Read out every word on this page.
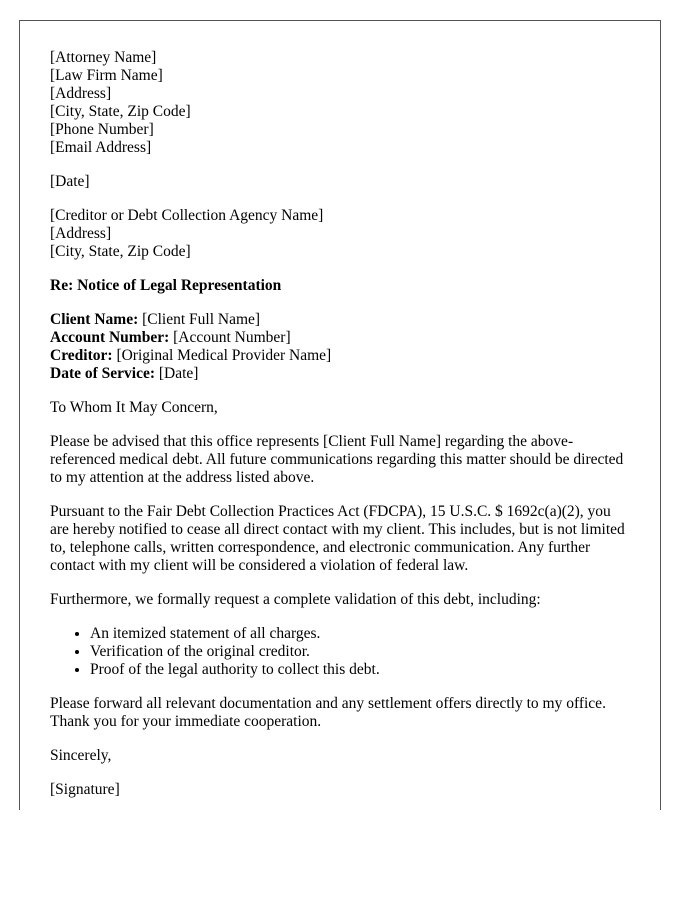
[Attorney Name]
[Law Firm Name]
[Address]
[City, State, Zip Code]
[Phone Number]
[Email Address]
[Date]
[Creditor or Debt Collection Agency Name]
[Address]
[City, State, Zip Code]
Re: Notice of Legal Representation
Client Name: [Client Full Name]
Account Number: [Account Number]
Creditor: [Original Medical Provider Name]
Date of Service: [Date]

To Whom It May Concern,

Please be advised that this office represents [Client Full Name] regarding the above-referenced medical debt. All future communications regarding this matter should be directed to my attention at the address listed above.

Pursuant to the Fair Debt Collection Practices Act (FDCPA), 15 U.S.C. $ 1692c(a)(2), you are hereby notified to cease all direct contact with my client. This includes, but is not limited to, telephone calls, written correspondence, and electronic communication. Any further contact with my client will be considered a violation of federal law.

Furthermore, we formally request a complete validation of this debt, including:

• An itemized statement of all charges.
• Verification of the original creditor.
• Proof of the legal authority to collect this debt.

Please forward all relevant documentation and any settlement offers directly to my office. Thank you for your immediate cooperation.

Sincerely,

[Signature]
